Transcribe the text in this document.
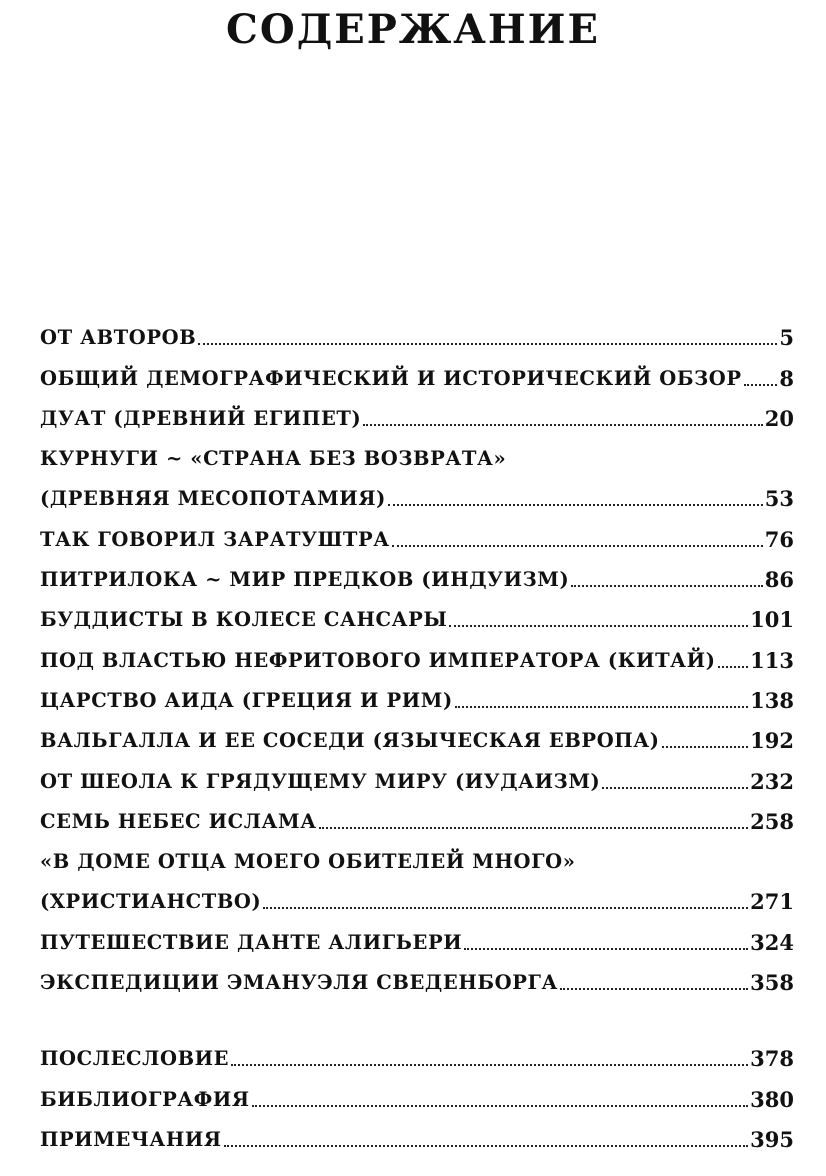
СОДЕРЖАНИЕ
ОТ АВТОРОВ	5
ОБЩИЙ ДЕМОГРАФИЧЕСКИЙ И ИСТОРИЧЕСКИЙ ОБЗОР 8
ДУАТ (ДРЕВНИЙ ЕГИПЕТ)	20
КУРНУГИ ~ «СТРАНА БЕЗ ВОЗВРАТА»
(ДРЕВНЯЯ МЕСОПОТАМИЯ)	53
ТАК ГОВОРИЛ ЗАРАТУШТРА	76
ПИТРИЛОКА ~ МИР ПРЕДКОВ (ИНДУИЗМ)	86
БУДДИСТЫ В КОЛЕСЕ САНСАРЫ	101
ПОД ВЛАСТЬЮ НЕФРИТОВОГО ИМПЕРАТОРА (КИТАЙ) 113
ЦАРСТВО АИДА (ГРЕЦИЯ И РИМ)	138
ВАЛЬГАЛЛА И ЕЕ СОСЕДИ (ЯЗЫЧЕСКАЯ ЕВРОПА)	192
ОТ ШЕОЛА К ГРЯДУЩЕМУ МИРУ (ИУДАИЗМ)	232
СЕМЬ НЕБЕС ИСЛАМА	258
«В ДОМЕ ОТЦА МОЕГО ОБИТЕЛЕЙ МНОГО»
(ХРИСТИАНСТВО)	271
ПУТЕШЕСТВИЕ ДАНТЕ АЛИГЬЕРИ	324
ЭКСПЕДИЦИИ ЭМАНУЭЛЯ СВЕДЕНБОРГА	358
ПОСЛЕСЛОВИЕ	378
БИБЛИОГРАФИЯ	380
ПРИМЕЧАНИЯ	395
